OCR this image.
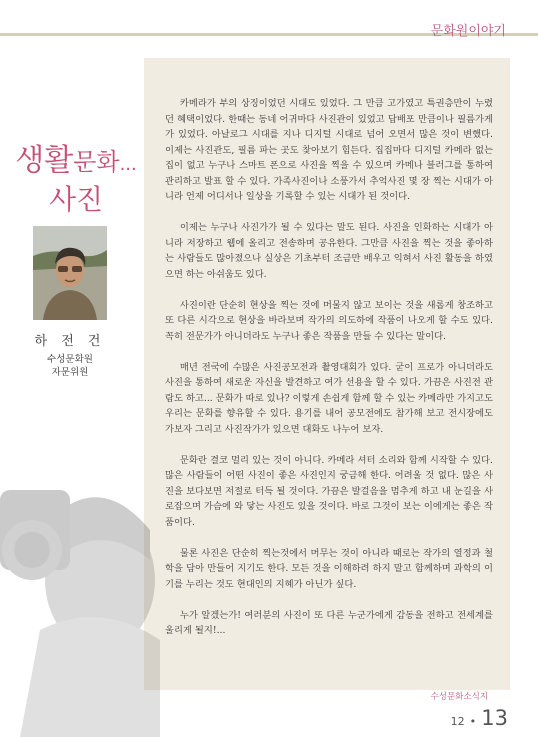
문화원이야기
생활문화...
사진
하 전 건
수성문화원
자문위원

카메라가 부의 상징이었던 시대도 있었다. 그 만큼 고가였고 특권층만이 누렸던 혜택이었다. 한때는 동네 어귀마다 사진관이 있었고 답배포 만큼이나 필름가게가 있었다. 아날로그 시대를 지나 디지털 시대로 넘어 오면서 많은 것이 변했다. 이제는 사진관도, 필름 파는 곳도 찾아보기 힘든다. 집집마다 디지털 카메라 없는 집이 없고 누구나 스마트 폰으로 사진을 찍을 수 있으며 카메나 블러그를 통하여 관리하고 발표 할 수 있다. 가족사진이나 소풍가서 추억사진 몇 장 찍는 시대가 아니라 언제 어디서나 일상을 기록할 수 있는 시대가 된 것이다.

이제는 누구나 사진가가 될 수 있다는 말도 된다. 사진을 인화하는 시대가 아니라 저장하고 웹에 올리고 전송하며 공유한다. 그만큼 사진을 찍는 것을 좋아하는 사람들도 많아졌으나 실상은 기초부터 조금만 배우고 익혀서 사진 활동을 하였으면 하는 아쉬움도 있다.

사진이란 단순히 현상을 찍는 것에 머물지 않고 보이는 것을 새롭게 창조하고 또 다른 시각으로 현상을 바라보며 작가의 의도하에 작품이 나오게 할 수도 있다. 꼭히 전문가가 아니더라도 누구나 좋은 작품을 만들 수 있다는 말이다.

매년 전국에 수많은 사진공모전과 촬영대회가 있다. 굳이 프로가 아니더라도 사진을 통하여 새로운 자신을 발견하고 여가 선용을 할 수 있다. 가끔은 사진전 관람도 하고... 문화가 따로 있나? 이렇게 손쉽게 함께 할 수 있는 카메라만 가지고도 우리는 문화를 향유할 수 있다. 용기를 내어 공모전에도 참가해 보고 전시장에도 가보자 그리고 사진작가가 있으면 대화도 나누어 보자.

문화란 결코 멀리 있는 것이 아니다. 카메라 셔터 소리와 함께 시작할 수 있다. 많은 사람들이 어떤 사진이 좋은 사진인지 궁금해 한다. 어려울 것 없다. 많은 사진을 보다보면 저절로 터득 될 것이다. 가끔은 발걸음을 멈추게 하고 내 눈길을 사로잡으며 가슴에 와 닿는 사진도 있을 것이다. 바로 그것이 보는 이에게는 좋은 작품이다.

물론 사진은 단순히 찍는것에서 머무는 것이 아니라 때로는 작가의 열정과 철학을 담아 만들어 지기도 한다. 모든 것을 이해하려 하지 말고 함께하며 과학의 이기를 누리는 것도 현대인의 지혜가 아닌가 싶다.

누가 알겠는가! 여러분의 사진이 또 다른 누군가에게 감동을 전하고 전세계를 울리게 될지!...

수성문화소식지
12 • 13
